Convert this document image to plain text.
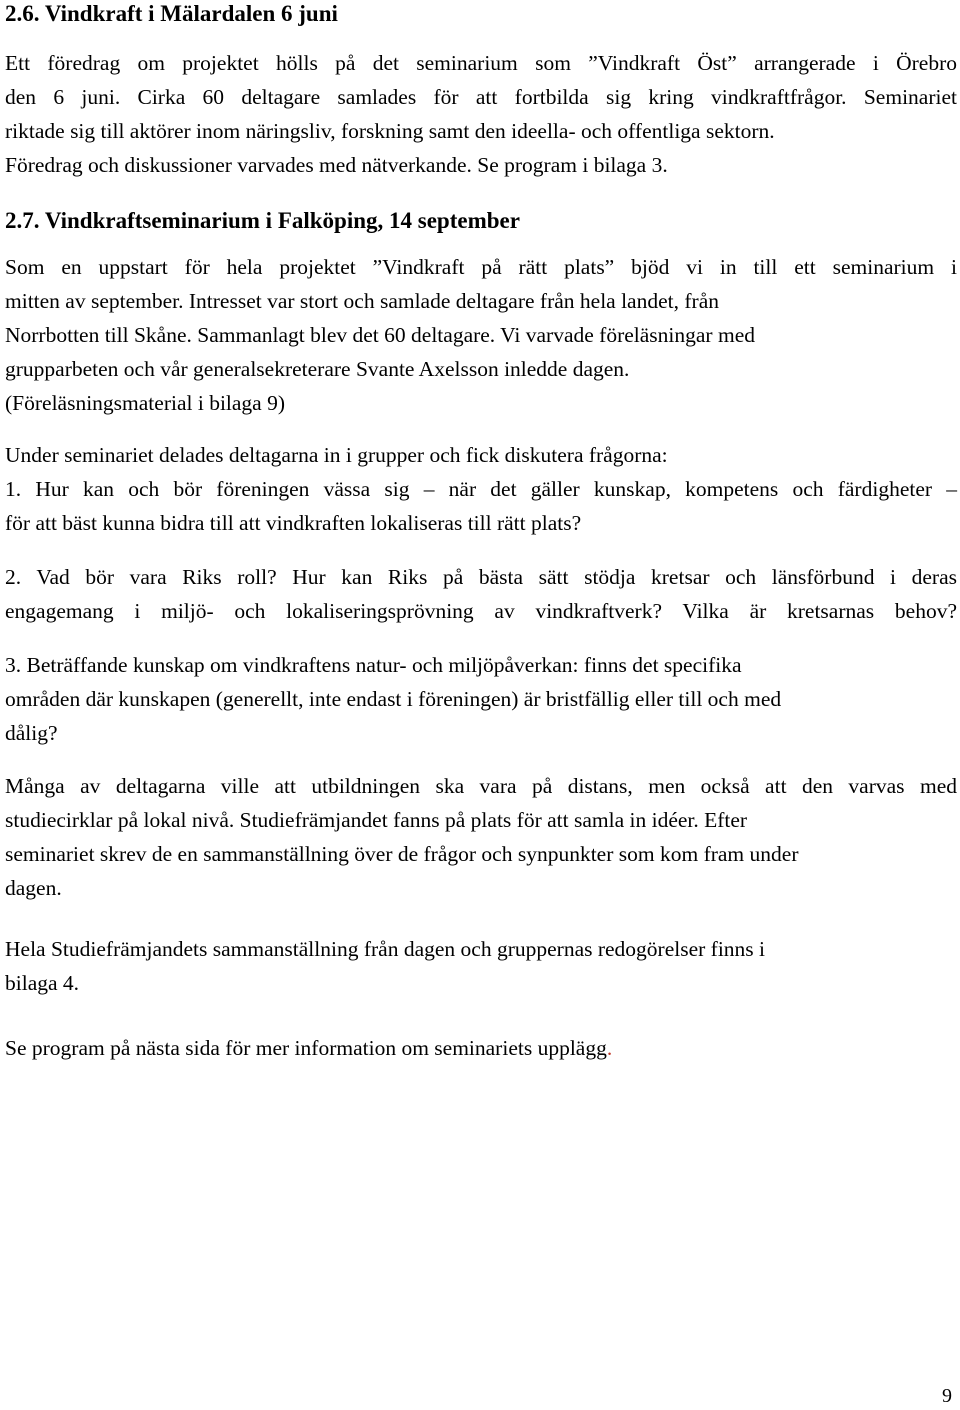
2.6. Vindkraft i Mälardalen 6 juni

Ett föredrag om projektet hölls på det seminarium som ”Vindkraft Öst” arrangerade i Örebro
den 6 juni. Cirka 60 deltagare samlades för att fortbilda sig kring vindkraftfrågor. Seminariet
riktade sig till aktörer inom näringsliv, forskning samt den ideella- och offentliga sektorn.
Föredrag och diskussioner varvades med nätverkande. Se program i bilaga 3.

2.7. Vindkraftseminarium i Falköping, 14 september

Som en uppstart för hela projektet ”Vindkraft på rätt plats” bjöd vi in till ett seminarium i
mitten av september. Intresset var stort och samlade deltagare från hela landet, från
Norrbotten till Skåne. Sammanlagt blev det 60 deltagare. Vi varvade föreläsningar med
grupparbeten och vår generalsekreterare Svante Axelsson inledde dagen.
(Föreläsningsmaterial i bilaga 9)

Under seminariet delades deltagarna in i grupper och fick diskutera frågorna:
1. Hur kan och bör föreningen vässa sig – när det gäller kunskap, kompetens och färdigheter –
för att bäst kunna bidra till att vindkraften lokaliseras till rätt plats?

2. Vad bör vara Riks roll? Hur kan Riks på bästa sätt stödja kretsar och länsförbund i deras
engagemang i miljö- och lokaliseringsprövning av vindkraftverk? Vilka är kretsarnas behov?

3. Beträffande kunskap om vindkraftens natur- och miljöpåverkan: finns det specifika
områden där kunskapen (generellt, inte endast i föreningen) är bristfällig eller till och med
dålig?

Många av deltagarna ville att utbildningen ska vara på distans, men också att den varvas med
studiecirklar på lokal nivå. Studiefrämjandet fanns på plats för att samla in idéer. Efter
seminariet skrev de en sammanställning över de frågor och synpunkter som kom fram under
dagen.

Hela Studiefrämjandets sammanställning från dagen och gruppernas redogörelser finns i
bilaga 4.

Se program på nästa sida för mer information om seminariets upplägg.

9
